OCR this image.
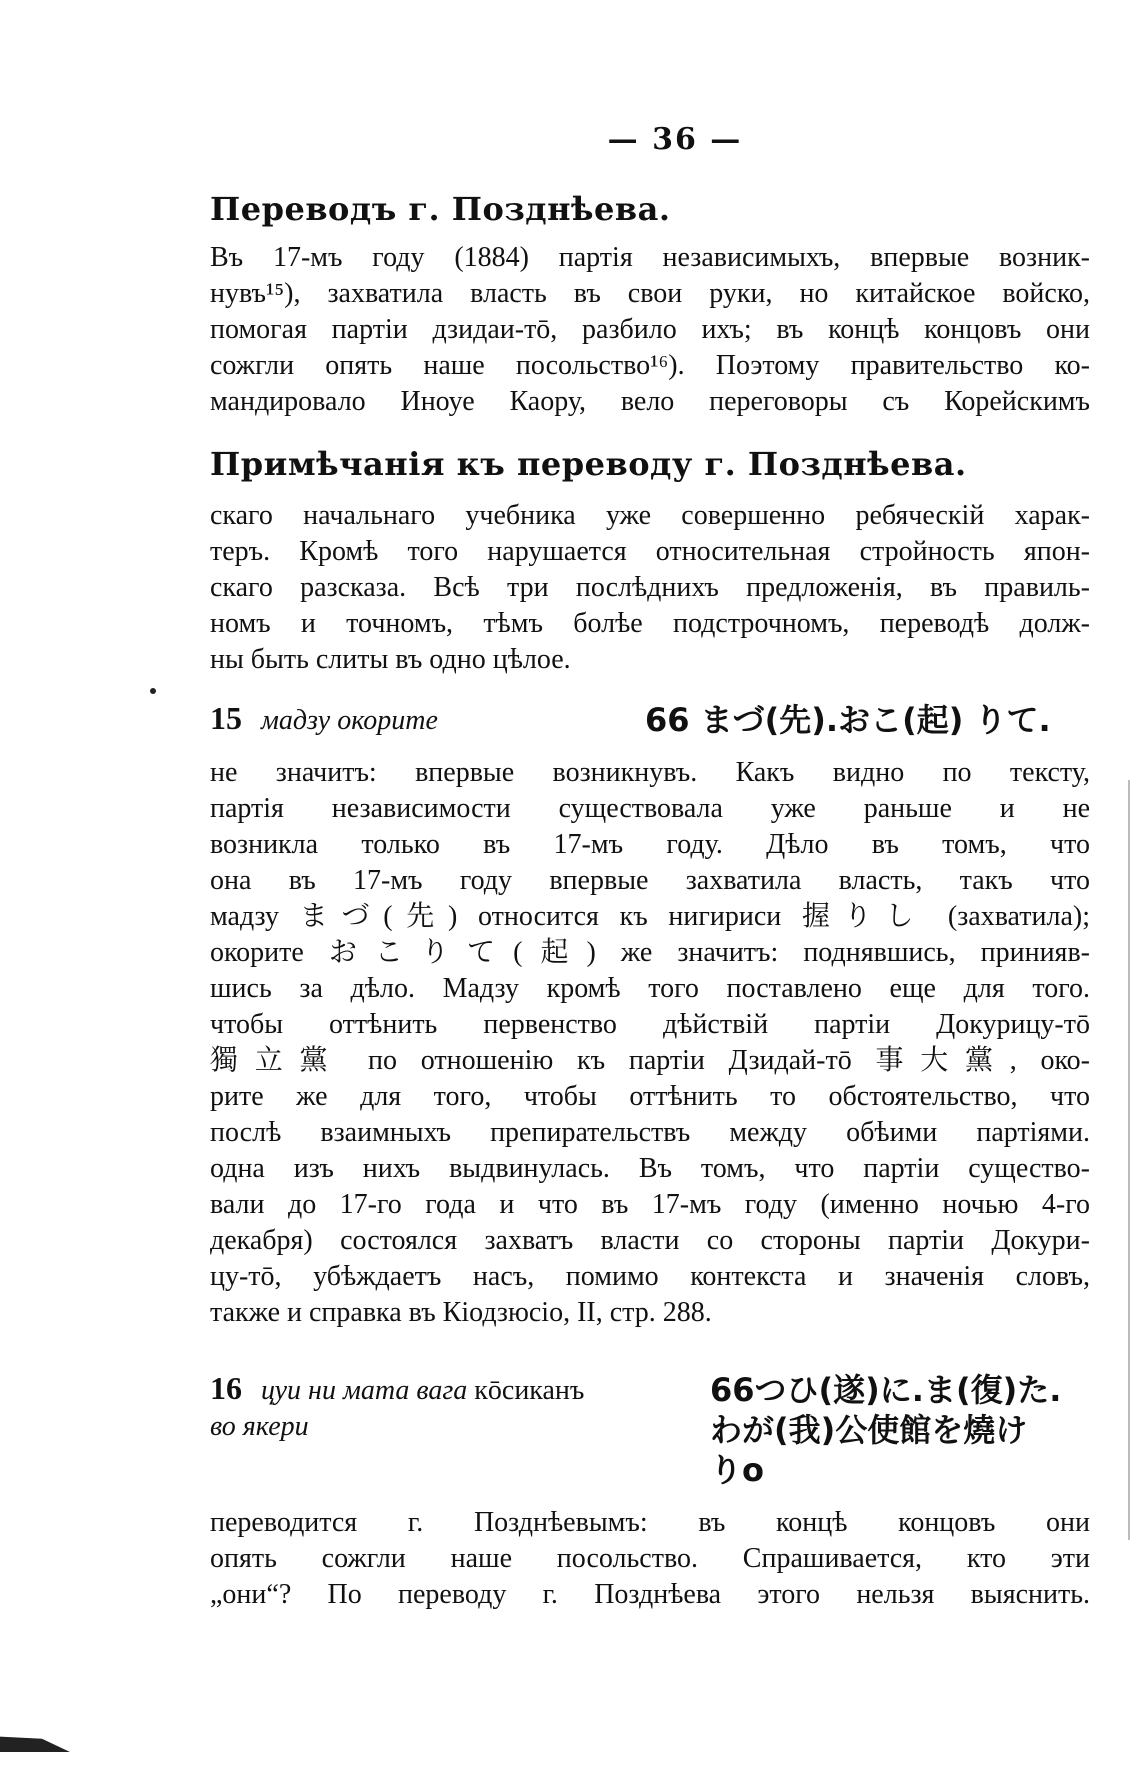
— 36 —
Переводъ г. Позднѣева.
Въ 17-мъ году (1884) партія независимыхъ, впервые возник-
нувъ¹⁵), захватила власть въ свои руки, но китайское войско,
помогая партіи дзидаи-тō, разбило ихъ; въ концѣ концовъ они
сожгли опять наше посольство¹⁶). Поэтому правительство ко-
мандировало Иноуе Каору, вело переговоры съ Корейскимъ
Примѣчанія къ переводу г. Позднѣева.
скаго начальнаго учебника уже совершенно ребяческій харак-
теръ. Кромѣ того нарушается относительная стройность япон-
скаго разсказа. Всѣ три послѣднихъ предложенія, въ правиль-
номъ и точномъ, тѣмъ болѣе подстрочномъ, переводѣ долж-
ны быть слиты въ одно цѣлое.
15 мадзу окорите	66 まづ(先).おこ(起) りて.
не значитъ: впервые возникнувъ. Какъ видно по тексту,
партія независимости существовала уже раньше и не
возникла только въ 17-мъ году. Дѣло въ томъ, что
она въ 17-мъ году впервые захватила власть, такъ что
мадзу まづ(先) относится къ нигириси 握りし (захватила);
окорите おこりて(起) же значитъ: поднявшись, принияв-
шись за дѣло. Мадзу кромѣ того поставлено еще для того.
чтобы оттѣнить первенство дѣйствій партіи Докурицу-тō
獨立黨 по отношенію къ партіи Дзидай-тō 事大黨, око-
рите же для того, чтобы оттѣнить то обстоятельство, что
послѣ взаимныхъ препирательствъ между обѣими партіями.
одна изъ нихъ выдвинулась. Въ томъ, что партіи существо-
вали до 17-го года и что въ 17-мъ году (именно ночью 4-го
декабря) состоялся захватъ власти со стороны партіи Докури-
цу-тō, убѣждаетъ насъ, помимо контекста и значенія словъ,
также и справка въ Кіодзюсіо, II, стр. 288.
16 цуи ни мата вага кōсиканъ
во якери
66つひ(遂)に.ま(復)た.
わが(我)公使館を燒け
りο
переводится г. Позднѣевымъ: въ концѣ концовъ они
опять сожгли наше посольство. Спрашивается, кто эти
„они“? По переводу г. Позднѣева этого нельзя выяснить.
